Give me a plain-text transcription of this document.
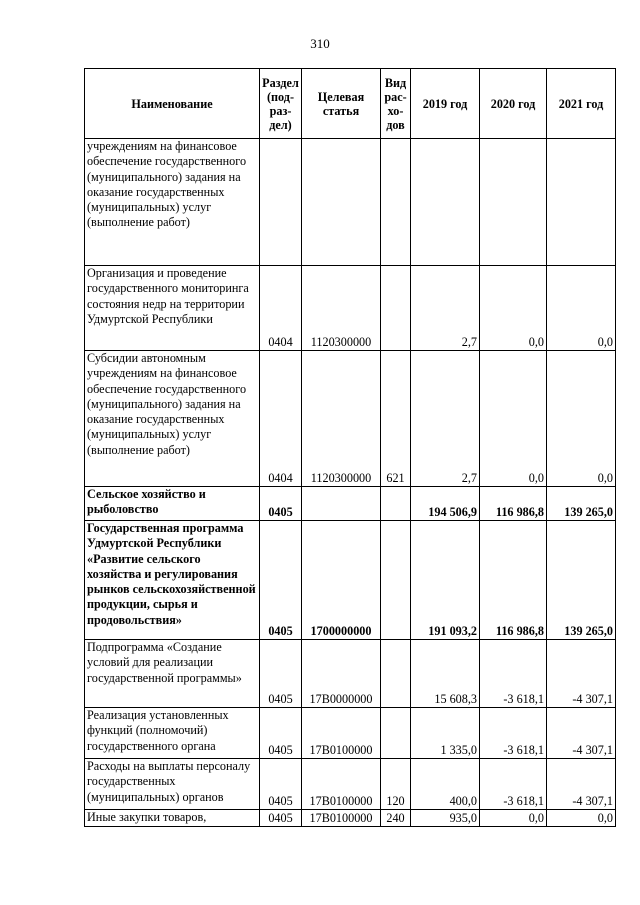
310
Наименование	Раздел (под-раз-дел)	Целевая статья	Вид рас-хо-дов	2019 год	2020 год	2021 год
учреждениям на финансовое обеспечение государственного (муниципального) задания на оказание государственных (муниципальных) услуг (выполнение работ)						
Организация и проведение государственного мониторинга состояния недр на территории Удмуртской Республики	0404	1120300000		2,7	0,0	0,0
Субсидии автономным учреждениям на финансовое обеспечение государственного (муниципального) задания на оказание государственных (муниципальных) услуг (выполнение работ)	0404	1120300000	621	2,7	0,0	0,0
Сельское хозяйство и рыболовство	0405			194 506,9	116 986,8	139 265,0
Государственная программа Удмуртской Республики «Развитие сельского хозяйства и регулирования рынков сельскохозяйственной продукции, сырья и продовольствия»	0405	1700000000		191 093,2	116 986,8	139 265,0
Подпрограмма «Создание условий для реализации государственной программы»	0405	17В0000000		15 608,3	-3 618,1	-4 307,1
Реализация установленных функций (полномочий) государственного органа	0405	17В0100000		1 335,0	-3 618,1	-4 307,1
Расходы на выплаты персоналу государственных (муниципальных) органов	0405	17В0100000	120	400,0	-3 618,1	-4 307,1
Иные закупки товаров,	0405	17В0100000	240	935,0	0,0	0,0
